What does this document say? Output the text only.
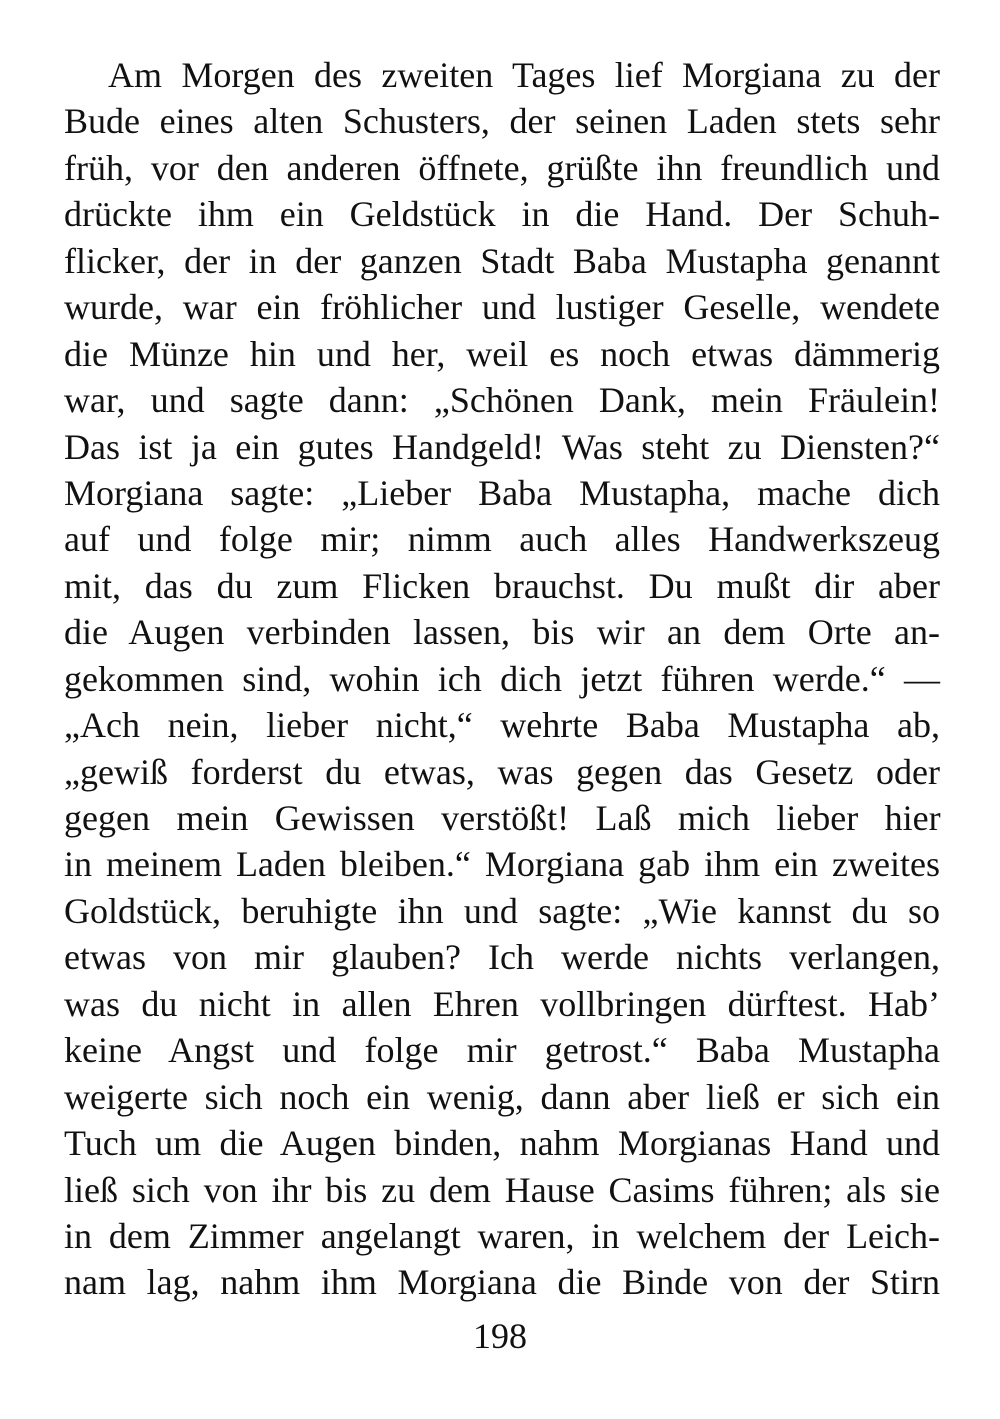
Am Morgen des zweiten Tages lief Morgiana zu der
Bude eines alten Schusters, der seinen Laden stets sehr
früh, vor den anderen öffnete, grüßte ihn freundlich und
drückte ihm ein Geldstück in die Hand. Der Schuh-
flicker, der in der ganzen Stadt Baba Mustapha genannt
wurde, war ein fröhlicher und lustiger Geselle, wendete
die Münze hin und her, weil es noch etwas dämmerig
war, und sagte dann: „Schönen Dank, mein Fräulein!
Das ist ja ein gutes Handgeld! Was steht zu Diensten?“
Morgiana sagte: „Lieber Baba Mustapha, mache dich
auf und folge mir; nimm auch alles Handwerkszeug
mit, das du zum Flicken brauchst. Du mußt dir aber
die Augen verbinden lassen, bis wir an dem Orte an-
gekommen sind, wohin ich dich jetzt führen werde.“ —
„Ach nein, lieber nicht,“ wehrte Baba Mustapha ab,
„gewiß forderst du etwas, was gegen das Gesetz oder
gegen mein Gewissen verstößt! Laß mich lieber hier
in meinem Laden bleiben.“ Morgiana gab ihm ein zweites
Goldstück, beruhigte ihn und sagte: „Wie kannst du so
etwas von mir glauben? Ich werde nichts verlangen,
was du nicht in allen Ehren vollbringen dürftest. Hab’
keine Angst und folge mir getrost.“ Baba Mustapha
weigerte sich noch ein wenig, dann aber ließ er sich ein
Tuch um die Augen binden, nahm Morgianas Hand und
ließ sich von ihr bis zu dem Hause Casims führen; als sie
in dem Zimmer angelangt waren, in welchem der Leich-
nam lag, nahm ihm Morgiana die Binde von der Stirn
198
